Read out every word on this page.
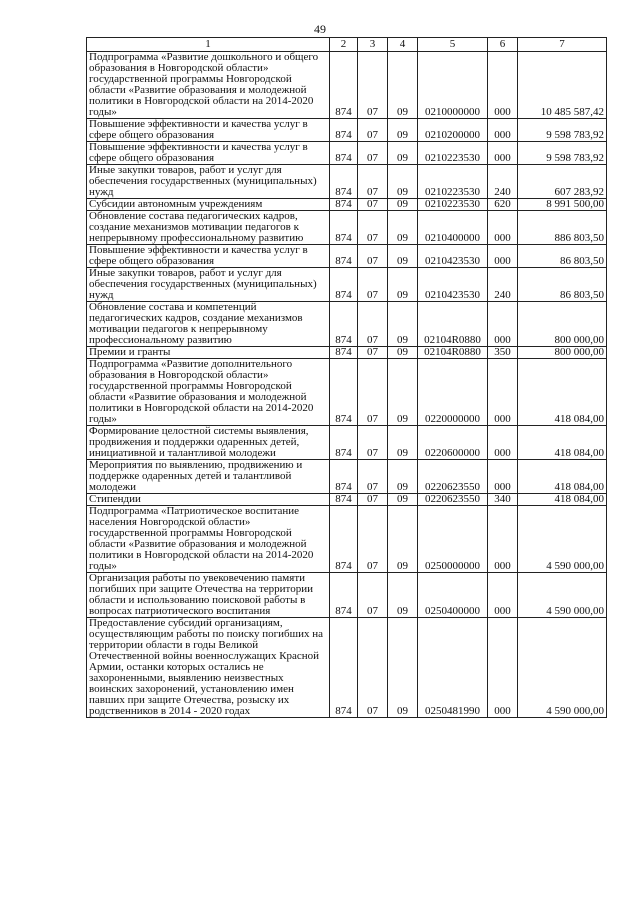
49
1	2	3	4	5	6	7
Подпрограмма «Развитие дошкольного и общего образования в Новгородской области» государственной программы Новгородской области «Развитие образования и молодежной политики в Новгородской области на 2014-2020 годы»	874	07	09	0210000000	000	10 485 587,42
Повышение эффективности и качества услуг в сфере общего образования	874	07	09	0210200000	000	9 598 783,92
Повышение эффективности и качества услуг в сфере общего образования	874	07	09	0210223530	000	9 598 783,92
Иные закупки товаров, работ и услуг для обеспечения государственных (муниципальных) нужд	874	07	09	0210223530	240	607 283,92
Субсидии автономным учреждениям	874	07	09	0210223530	620	8 991 500,00
Обновление состава педагогических кадров, создание механизмов мотивации педагогов к непрерывному профессиональному развитию	874	07	09	0210400000	000	886 803,50
Повышение эффективности и качества услуг в сфере общего образования	874	07	09	0210423530	000	86 803,50
Иные закупки товаров, работ и услуг для обеспечения государственных (муниципальных) нужд	874	07	09	0210423530	240	86 803,50
Обновление состава и компетенций педагогических кадров, создание механизмов мотивации педагогов к непрерывному профессиональному развитию	874	07	09	02104R0880	000	800 000,00
Премии и гранты	874	07	09	02104R0880	350	800 000,00
Подпрограмма «Развитие дополнительного образования в Новгородской области» государственной программы Новгородской области «Развитие образования и молодежной политики в Новгородской области на 2014-2020 годы»	874	07	09	0220000000	000	418 084,00
Формирование целостной системы выявления, продвижения и поддержки одаренных детей, инициативной и талантливой молодежи	874	07	09	0220600000	000	418 084,00
Мероприятия по выявлению, продвижению и поддержке одаренных детей и талантливой молодежи	874	07	09	0220623550	000	418 084,00
Стипендии	874	07	09	0220623550	340	418 084,00
Подпрограмма «Патриотическое воспитание населения Новгородской области» государственной программы Новгородской области «Развитие образования и молодежной политики в Новгородской области на 2014-2020 годы»	874	07	09	0250000000	000	4 590 000,00
Организация работы по увековечению памяти погибших при защите Отечества на территории области и использованию поисковой работы в вопросах патриотического воспитания	874	07	09	0250400000	000	4 590 000,00
Предоставление субсидий организациям, осуществляющим работы по поиску погибших на территории области в годы Великой Отечественной войны военнослужащих Красной Армии, останки которых остались не захороненными, выявлению неизвестных воинских захоронений, установлению имен павших при защите Отечества, розыску их родственников в 2014 - 2020 годах	874	07	09	0250481990	000	4 590 000,00
